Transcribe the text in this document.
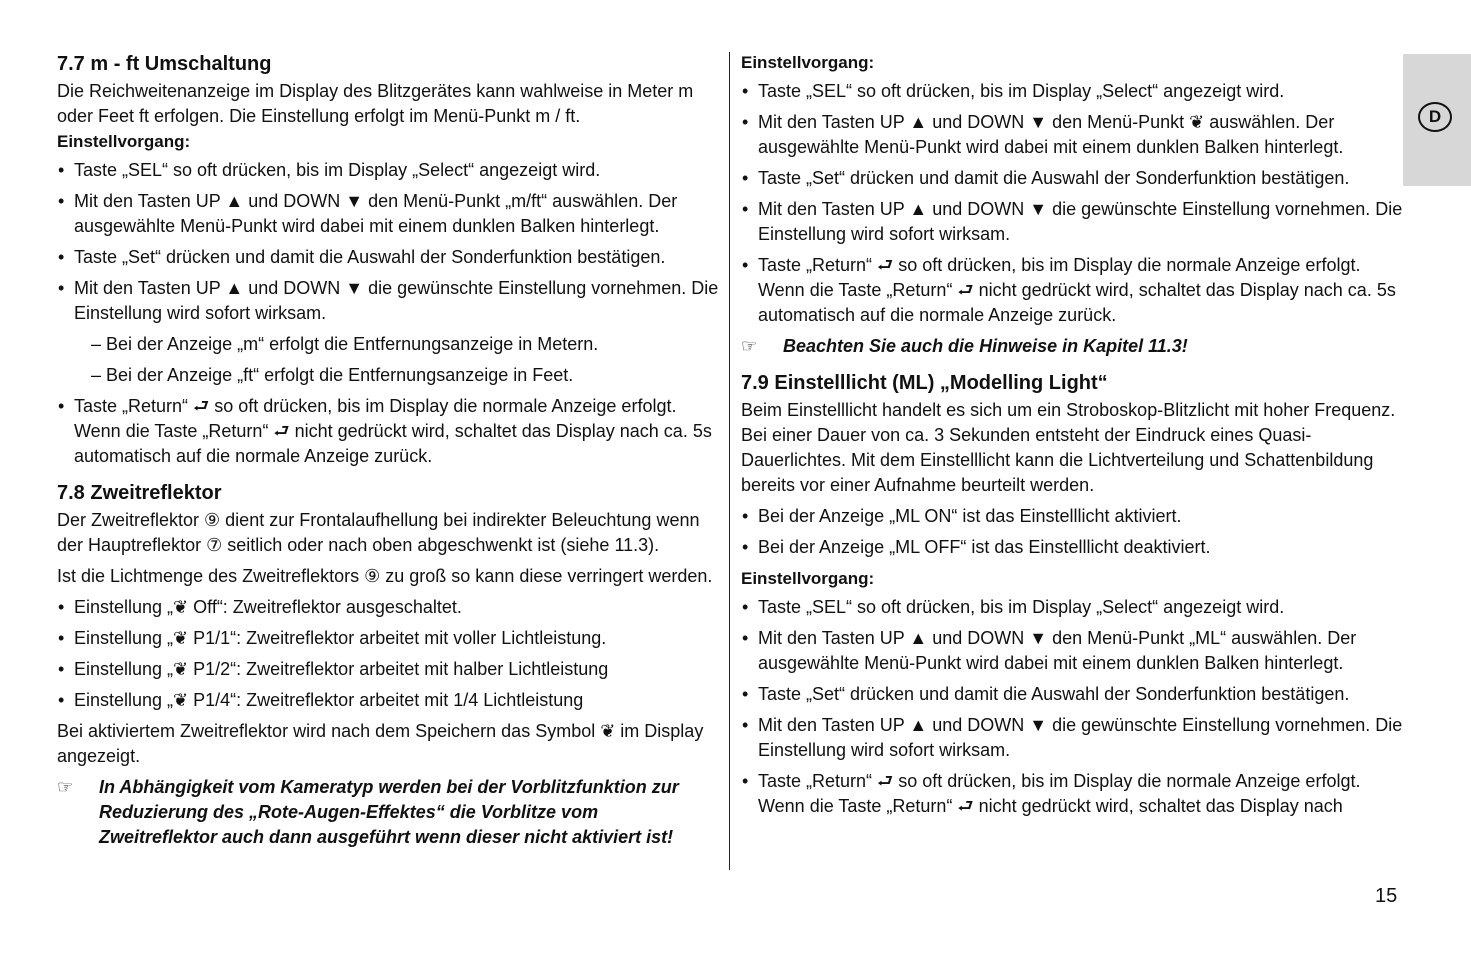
D
7.7 m - ft Umschaltung

Die Reichweitenanzeige im Display des Blitzgerätes kann wahlweise in Meter m oder Feet ft erfolgen. Die Einstellung erfolgt im Menü-Punkt m / ft.

Einstellvorgang:
• Taste „SEL“ so oft drücken, bis im Display „Select“ angezeigt wird.
• Mit den Tasten UP ▲ und DOWN ▼ den Menü-Punkt „m/ft“ auswählen. Der ausgewählte Menü-Punkt wird dabei mit einem dunklen Balken hinterlegt.
• Taste „Set“ drücken und damit die Auswahl der Sonderfunktion bestätigen.
• Mit den Tasten UP ▲ und DOWN ▼ die gewünschte Einstellung vornehmen. Die Einstellung wird sofort wirksam.
– Bei der Anzeige „m“ erfolgt die Entfernungsanzeige in Metern.
– Bei der Anzeige „ft“ erfolgt die Entfernungsanzeige in Feet.
• Taste „Return“ ⮐ so oft drücken, bis im Display die normale Anzeige erfolgt. Wenn die Taste „Return“ ⮐ nicht gedrückt wird, schaltet das Display nach ca. 5s automatisch auf die normale Anzeige zurück.
7.8 Zweitreflektor

Der Zweitreflektor ⑨ dient zur Frontalaufhellung bei indirekter Beleuchtung wenn der Hauptreflektor ⑦ seitlich oder nach oben abgeschwenkt ist (siehe 11.3).

Ist die Lichtmenge des Zweitreflektors ⑨ zu groß so kann diese verringert werden.

• Einstellung „❦ Off“: Zweitreflektor ausgeschaltet.
• Einstellung „❦ P1/1“: Zweitreflektor arbeitet mit voller Lichtleistung.
• Einstellung „❦ P1/2“: Zweitreflektor arbeitet mit halber Lichtleistung
• Einstellung „❦ P1/4“: Zweitreflektor arbeitet mit 1/4 Lichtleistung

Bei aktiviertem Zweitreflektor wird nach dem Speichern das Symbol ❦ im Display angezeigt.

☞ In Abhängigkeit vom Kameratyp werden bei der Vorblitzfunktion zur Reduzierung des „Rote-Augen-Effektes“ die Vorblitze vom Zweitreflektor auch dann ausgeführt wenn dieser nicht aktiviert ist!
Einstellvorgang:
• Taste „SEL“ so oft drücken, bis im Display „Select“ angezeigt wird.
• Mit den Tasten UP ▲ und DOWN ▼ den Menü-Punkt ❦ auswählen. Der ausgewählte Menü-Punkt wird dabei mit einem dunklen Balken hinterlegt.
• Taste „Set“ drücken und damit die Auswahl der Sonderfunktion bestätigen.
• Mit den Tasten UP ▲ und DOWN ▼ die gewünschte Einstellung vornehmen. Die Einstellung wird sofort wirksam.
• Taste „Return“ ⮐ so oft drücken, bis im Display die normale Anzeige erfolgt. Wenn die Taste „Return“ ⮐ nicht gedrückt wird, schaltet das Display nach ca. 5s automatisch auf die normale Anzeige zurück.
☞ Beachten Sie auch die Hinweise in Kapitel 11.3!
7.9 Einstelllicht (ML) „Modelling Light“

Beim Einstelllicht handelt es sich um ein Stroboskop-Blitzlicht mit hoher Frequenz. Bei einer Dauer von ca. 3 Sekunden entsteht der Eindruck eines Quasi-Dauerlichtes. Mit dem Einstelllicht kann die Lichtverteilung und Schattenbildung bereits vor einer Aufnahme beurteilt werden.

• Bei der Anzeige „ML ON“ ist das Einstelllicht aktiviert.
• Bei der Anzeige „ML OFF“ ist das Einstelllicht deaktiviert.
Einstellvorgang:
• Taste „SEL“ so oft drücken, bis im Display „Select“ angezeigt wird.
• Mit den Tasten UP ▲ und DOWN ▼ den Menü-Punkt „ML“ auswählen. Der ausgewählte Menü-Punkt wird dabei mit einem dunklen Balken hinterlegt.
• Taste „Set“ drücken und damit die Auswahl der Sonderfunktion bestätigen.
• Mit den Tasten UP ▲ und DOWN ▼ die gewünschte Einstellung vornehmen. Die Einstellung wird sofort wirksam.
• Taste „Return“ ⮐ so oft drücken, bis im Display die normale Anzeige erfolgt. Wenn die Taste „Return“ ⮐ nicht gedrückt wird, schaltet das Display nach
15
